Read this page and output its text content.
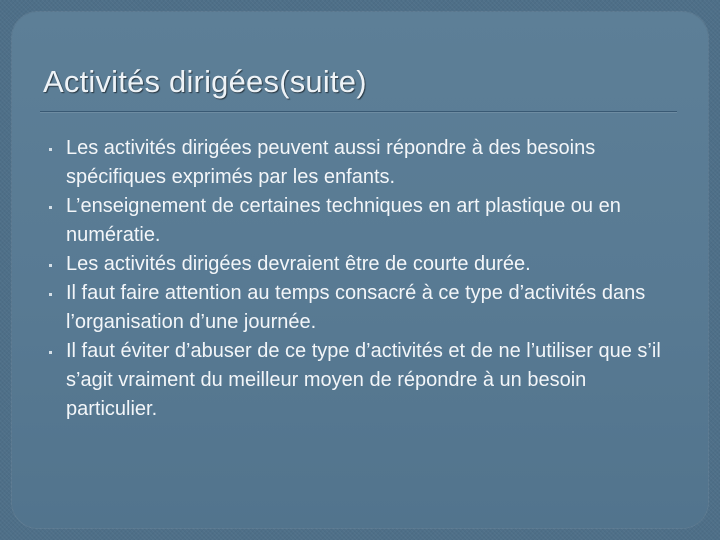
Activités dirigées(suite)
Les activités dirigées peuvent aussi répondre à des besoins spécifiques exprimés par les enfants.
L’enseignement de certaines techniques en art plastique ou en numératie.
Les activités dirigées devraient être de courte durée.
Il faut faire attention au temps consacré à ce type d’activités dans l’organisation d’une journée.
Il faut éviter d’abuser de ce type d’activités et de ne l’utiliser que s’il s’agit vraiment du meilleur moyen de répondre à un besoin particulier.
